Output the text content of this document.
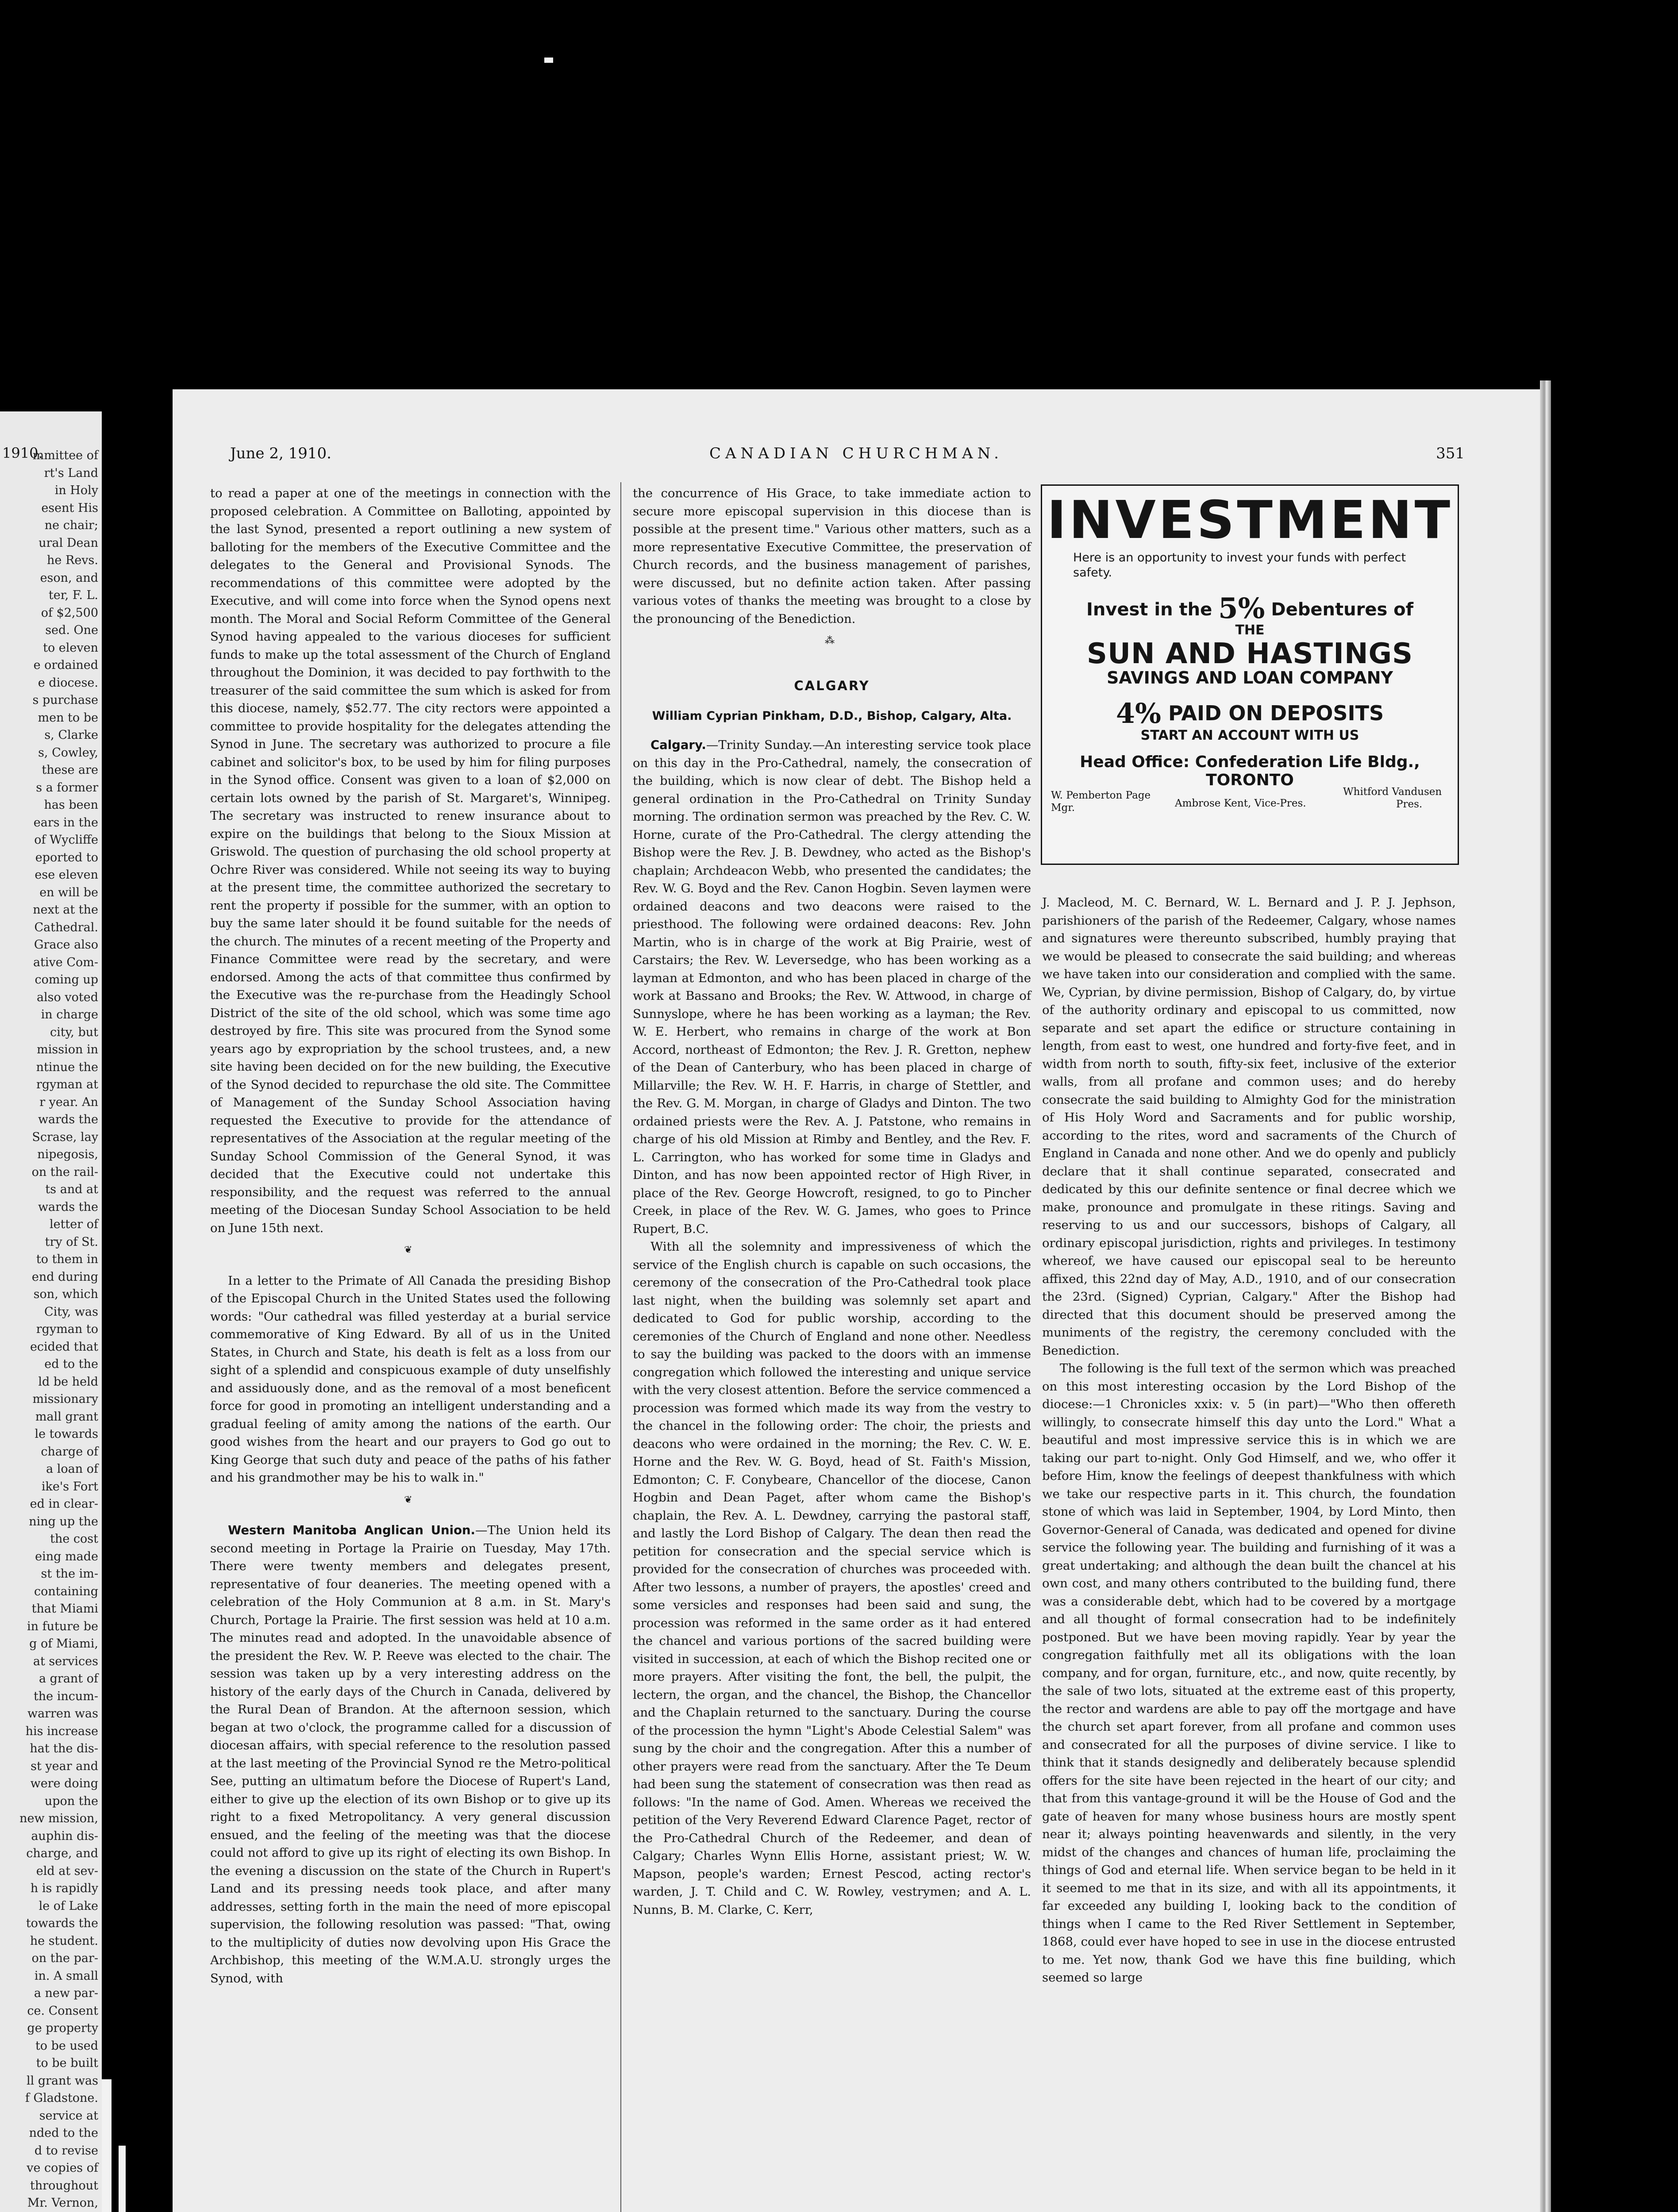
mmittee of
rt's Land
in Holy
esent His
ne chair;
ural Dean
he Revs.
eson, and
ter, F. L.
of $2,500
sed. One
to eleven
e ordained
e diocese.
s purchase
men to be
s, Clarke
s, Cowley,
these are
s a former
has been
ears in the
of Wycliffe
eported to
ese eleven
en will be
next at the
Cathedral.
Grace also
ative Com-
coming up
also voted
in charge
city, but
mission in
ntinue the
rgyman at
r year. An
wards the
Scrase, lay
nipegosis,
on the rail-
ts and at
wards the
letter of
try of St.
to them in
end during
son, which
City, was
rgyman to
ecided that
ed to the
ld be held
missionary
mall grant
le towards
charge of
a loan of
ike's Fort
ed in clear-
ning up the
the cost
eing made
st the im-
containing
that Miami
in future be
g of Miami,
at services
a grant of
the incum-
warren was
his increase
hat the dis-
st year and
were doing
upon the
new mission,
auphin dis-
charge, and
eld at sev-
h is rapidly
le of Lake
towards the
he student.
on the par-
in. A small
a new par-
ce. Consent
ge property
to be used
to be built
ll grant was
f Gladstone.
service at
nded to the
d to revise
ve copies of
throughout
Mr. Vernon,

1910.	CANADIAN CHURCHMAN.
June 2, 1910.	351

to read a paper at one of the meetings in connection with the proposed celebration. A Committee on Balloting, appointed by the last Synod, presented a report outlining a new system of balloting for the members of the Executive Committee and the delegates to the General and Provisional Synods. The recommendations of this committee were adopted by the Executive, and will come into force when the Synod opens next month. The Moral and Social Reform Committee of the General Synod having appealed to the various dioceses for sufficient funds to make up the total assessment of the Church of England throughout the Dominion, it was decided to pay forthwith to the treasurer of the said committee the sum which is asked for from this diocese, namely, $52.77. The city rectors were appointed a committee to provide hospitality for the delegates attending the Synod in June. The secretary was authorized to procure a file cabinet and solicitor's box, to be used by him for filing purposes in the Synod office. Consent was given to a loan of $2,000 on certain lots owned by the parish of St. Margaret's, Winnipeg. The secretary was instructed to renew insurance about to expire on the buildings that belong to the Sioux Mission at Griswold. The question of purchasing the old school property at Ochre River was considered. While not seeing its way to buying at the present time, the committee authorized the secretary to rent the property if possible for the summer, with an option to buy the same later should it be found suitable for the needs of the church. The minutes of a recent meeting of the Property and Finance Committee were read by the secretary, and were endorsed. Among the acts of that committee thus confirmed by the Executive was the re-purchase from the Headingly School District of the site of the old school, which was some time ago destroyed by fire. This site was procured from the Synod some years ago by expropriation by the school trustees, and, a new site having been decided on for the new building, the Executive of the Synod decided to repurchase the old site. The Committee of Management of the Sunday School Association having requested the Executive to provide for the attendance of representatives of the Association at the regular meeting of the Sunday School Commission of the General Synod, it was decided that the Executive could not undertake this responsibility, and the request was referred to the annual meeting of the Diocesan Sunday School Association to be held on June 15th next.

❦

In a letter to the Primate of All Canada the presiding Bishop of the Episcopal Church in the United States used the following words: "Our cathedral was filled yesterday at a burial service commemorative of King Edward. By all of us in the United States, in Church and State, his death is felt as a loss from our sight of a splendid and conspicuous example of duty unselfishly and assiduously done, and as the removal of a most beneficent force for good in promoting an intelligent understanding and a gradual feeling of amity among the nations of the earth. Our good wishes from the heart and our prayers to God go out to King George that such duty and peace of the paths of his father and his grandmother may be his to walk in."

❦

Western Manitoba Anglican Union.—The Union held its second meeting in Portage la Prairie on Tuesday, May 17th. There were twenty members and delegates present, representative of four deaneries. The meeting opened with a celebration of the Holy Communion at 8 a.m. in St. Mary's Church, Portage la Prairie. The first session was held at 10 a.m. The minutes read and adopted. In the unavoidable absence of the president the Rev. W. P. Reeve was elected to the chair. The session was taken up by a very interesting address on the history of the early days of the Church in Canada, delivered by the Rural Dean of Brandon. At the afternoon session, which began at two o'clock, the programme called for a discussion of diocesan affairs, with special reference to the resolution passed at the last meeting of the Provincial Synod re the Metro-political See, putting an ultimatum before the Diocese of Rupert's Land, either to give up the election of its own Bishop or to give up its right to a fixed Metropolitancy. A very general discussion ensued, and the feeling of the meeting was that the diocese could not afford to give up its right of electing its own Bishop. In the evening a discussion on the state of the Church in Rupert's Land and its pressing needs took place, and after many addresses, setting forth in the main the need of more episcopal supervision, the following resolution was passed: "That, owing to the multiplicity of duties now devolving upon His Grace the Archbishop, this meeting of the W.M.A.U. strongly urges the Synod, with

the concurrence of His Grace, to take immediate action to secure more episcopal supervision in this diocese than is possible at the present time." Various other matters, such as a more representative Executive Committee, the preservation of Church records, and the business management of parishes, were discussed, but no definite action taken. After passing various votes of thanks the meeting was brought to a close by the pronouncing of the Benediction.

⁂
CALGARY
William Cyprian Pinkham, D.D., Bishop, Calgary, Alta.

Calgary.—Trinity Sunday.—An interesting service took place on this day in the Pro-Cathedral, namely, the consecration of the building, which is now clear of debt. The Bishop held a general ordination in the Pro-Cathedral on Trinity Sunday morning. The ordination sermon was preached by the Rev. C. W. Horne, curate of the Pro-Cathedral. The clergy attending the Bishop were the Rev. J. B. Dewdney, who acted as the Bishop's chaplain; Archdeacon Webb, who presented the candidates; the Rev. W. G. Boyd and the Rev. Canon Hogbin. Seven laymen were ordained deacons and two deacons were raised to the priesthood. The following were ordained deacons: Rev. John Martin, who is in charge of the work at Big Prairie, west of Carstairs; the Rev. W. Leversedge, who has been working as a layman at Edmonton, and who has been placed in charge of the work at Bassano and Brooks; the Rev. W. Attwood, in charge of Sunnyslope, where he has been working as a layman; the Rev. W. E. Herbert, who remains in charge of the work at Bon Accord, northeast of Edmonton; the Rev. J. R. Gretton, nephew of the Dean of Canterbury, who has been placed in charge of Millarville; the Rev. W. H. F. Harris, in charge of Stettler, and the Rev. G. M. Morgan, in charge of Gladys and Dinton. The two ordained priests were the Rev. A. J. Patstone, who remains in charge of his old Mission at Rimby and Bentley, and the Rev. F. L. Carrington, who has worked for some time in Gladys and Dinton, and has now been appointed rector of High River, in place of the Rev. George Howcroft, resigned, to go to Pincher Creek, in place of the Rev. W. G. James, who goes to Prince Rupert, B.C.

With all the solemnity and impressiveness of which the service of the English church is capable on such occasions, the ceremony of the consecration of the Pro-Cathedral took place last night, when the building was solemnly set apart and dedicated to God for public worship, according to the ceremonies of the Church of England and none other. Needless to say the building was packed to the doors with an immense congregation which followed the interesting and unique service with the very closest attention. Before the service commenced a procession was formed which made its way from the vestry to the chancel in the following order: The choir, the priests and deacons who were ordained in the morning; the Rev. C. W. E. Horne and the Rev. W. G. Boyd, head of St. Faith's Mission, Edmonton; C. F. Conybeare, Chancellor of the diocese, Canon Hogbin and Dean Paget, after whom came the Bishop's chaplain, the Rev. A. L. Dewdney, carrying the pastoral staff, and lastly the Lord Bishop of Calgary. The dean then read the petition for consecration and the special service which is provided for the consecration of churches was proceeded with. After two lessons, a number of prayers, the apostles' creed and some versicles and responses had been said and sung, the procession was reformed in the same order as it had entered the chancel and various portions of the sacred building were visited in succession, at each of which the Bishop recited one or more prayers. After visiting the font, the bell, the pulpit, the lectern, the organ, and the chancel, the Bishop, the Chancellor and the Chaplain returned to the sanctuary. During the course of the procession the hymn "Light's Abode Celestial Salem" was sung by the choir and the congregation. After this a number of other prayers were read from the sanctuary. After the Te Deum had been sung the statement of consecration was then read as follows: "In the name of God. Amen. Whereas we received the petition of the Very Reverend Edward Clarence Paget, rector of the Pro-Cathedral Church of the Redeemer, and dean of Calgary; Charles Wynn Ellis Horne, assistant priest; W. W. Mapson, people's warden; Ernest Pescod, acting rector's warden, J. T. Child and C. W. Rowley, vestrymen; and A. L. Nunns, B. M. Clarke, C. Kerr,

INVESTMENT
Here is an opportunity to invest your funds with perfect safety.
Invest in the 5% Debentures of
THE
SUN AND HASTINGS
SAVINGS AND LOAN COMPANY
4% PAID ON DEPOSITS
START AN ACCOUNT WITH US
Head Office: Confederation Life Bldg., TORONTO
W. Pemberton Page
Mgr.	Ambrose Kent, Vice-Pres.
Whitford Vandusen
Pres.

J. Macleod, M. C. Bernard, W. L. Bernard and J. P. J. Jephson, parishioners of the parish of the Redeemer, Calgary, whose names and signatures were thereunto subscribed, humbly praying that we would be pleased to consecrate the said building; and whereas we have taken into our consideration and complied with the same. We, Cyprian, by divine permission, Bishop of Calgary, do, by virtue of the authority ordinary and episcopal to us committed, now separate and set apart the edifice or structure containing in length, from east to west, one hundred and forty-five feet, and in width from north to south, fifty-six feet, inclusive of the exterior walls, from all profane and common uses; and do hereby consecrate the said building to Almighty God for the ministration of His Holy Word and Sacraments and for public worship, according to the rites, word and sacraments of the Church of England in Canada and none other. And we do openly and publicly declare that it shall continue separated, consecrated and dedicated by this our definite sentence or final decree which we make, pronounce and promulgate in these ritings. Saving and reserving to us and our successors, bishops of Calgary, all ordinary episcopal jurisdiction, rights and privileges. In testimony whereof, we have caused our episcopal seal to be hereunto affixed, this 22nd day of May, A.D., 1910, and of our consecration the 23rd. (Signed) Cyprian, Calgary." After the Bishop had directed that this document should be preserved among the muniments of the registry, the ceremony concluded with the Benediction.

The following is the full text of the sermon which was preached on this most interesting occasion by the Lord Bishop of the diocese:—1 Chronicles xxix: v. 5 (in part)—"Who then offereth willingly, to consecrate himself this day unto the Lord." What a beautiful and most impressive service this is in which we are taking our part to-night. Only God Himself, and we, who offer it before Him, know the feelings of deepest thankfulness with which we take our respective parts in it. This church, the foundation stone of which was laid in September, 1904, by Lord Minto, then Governor-General of Canada, was dedicated and opened for divine service the following year. The building and furnishing of it was a great undertaking; and although the dean built the chancel at his own cost, and many others contributed to the building fund, there was a considerable debt, which had to be covered by a mortgage and all thought of formal consecration had to be indefinitely postponed. But we have been moving rapidly. Year by year the congregation faithfully met all its obligations with the loan company, and for organ, furniture, etc., and now, quite recently, by the sale of two lots, situated at the extreme east of this property, the rector and wardens are able to pay off the mortgage and have the church set apart forever, from all profane and common uses and consecrated for all the purposes of divine service. I like to think that it stands designedly and deliberately because splendid offers for the site have been rejected in the heart of our city; and that from this vantage-ground it will be the House of God and the gate of heaven for many whose business hours are mostly spent near it; always pointing heavenwards and silently, in the very midst of the changes and chances of human life, proclaiming the things of God and eternal life. When service began to be held in it it seemed to me that in its size, and with all its appointments, it far exceeded any building I, looking back to the condition of things when I came to the Red River Settlement in September, 1868, could ever have hoped to see in use in the diocese entrusted to me. Yet now, thank God we have this fine building, which seemed so large
